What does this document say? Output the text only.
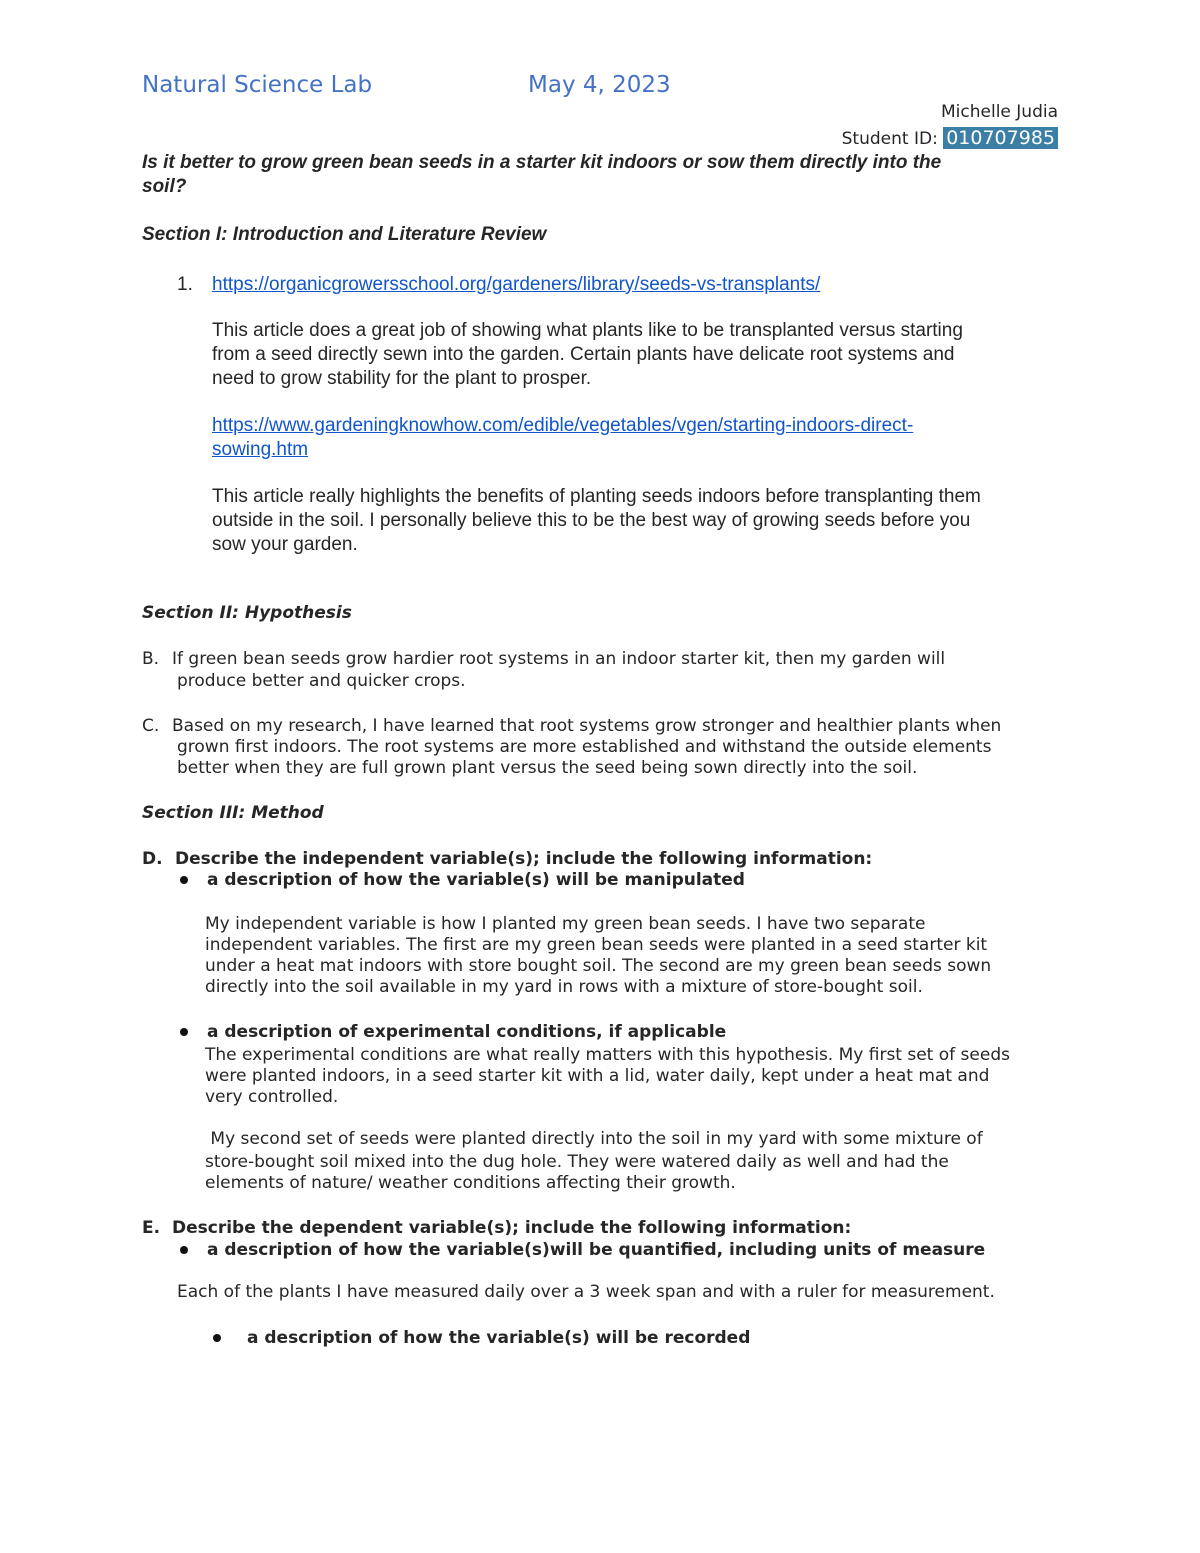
Natural Science Lab	May 4, 2023
Michelle Judia
Student ID: 010707985
Is it better to grow green bean seeds in a starter kit indoors or sow them directly into the
soil?
Section I: Introduction and Literature Review
1. https://organicgrowersschool.org/gardeners/library/seeds-vs-transplants/
This article does a great job of showing what plants like to be transplanted versus starting
from a seed directly sewn into the garden. Certain plants have delicate root systems and
need to grow stability for the plant to prosper.
https://www.gardeningknowhow.com/edible/vegetables/vgen/starting-indoors-direct-
sowing.htm
This article really highlights the benefits of planting seeds indoors before transplanting them
outside in the soil. I personally believe this to be the best way of growing seeds before you
sow your garden.
Section II: Hypothesis
B. If green bean seeds grow hardier root systems in an indoor starter kit, then my garden will
produce better and quicker crops.
C. Based on my research, I have learned that root systems grow stronger and healthier plants when
grown first indoors. The root systems are more established and withstand the outside elements
better when they are full grown plant versus the seed being sown directly into the soil.
Section III: Method
D. Describe the independent variable(s); include the following information:
a description of how the variable(s) will be manipulated
My independent variable is how I planted my green bean seeds. I have two separate
independent variables. The first are my green bean seeds were planted in a seed starter kit
under a heat mat indoors with store bought soil. The second are my green bean seeds sown
directly into the soil available in my yard in rows with a mixture of store-bought soil.
a description of experimental conditions, if applicable
The experimental conditions are what really matters with this hypothesis. My first set of seeds
were planted indoors, in a seed starter kit with a lid, water daily, kept under a heat mat and
very controlled.
My second set of seeds were planted directly into the soil in my yard with some mixture of
store-bought soil mixed into the dug hole. They were watered daily as well and had the
elements of nature/ weather conditions affecting their growth.
E. Describe the dependent variable(s); include the following information:
a description of how the variable(s)will be quantified, including units of measure
Each of the plants I have measured daily over a 3 week span and with a ruler for measurement.
a description of how the variable(s) will be recorded
